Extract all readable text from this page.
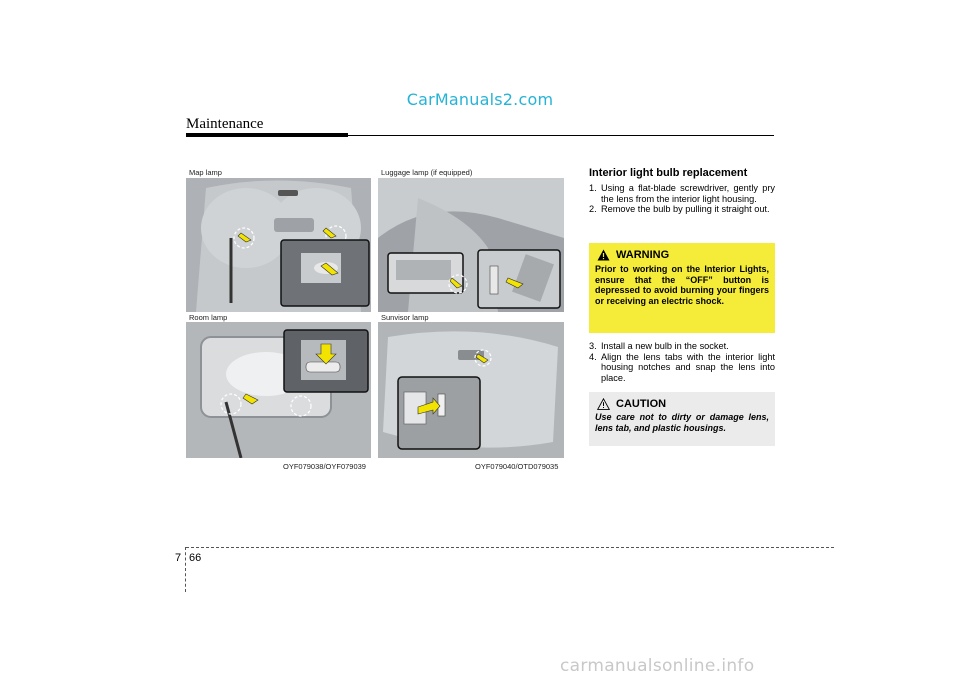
CarManuals2.com
Maintenance
Map lamp	Luggage lamp (if equipped)
Room lamp	Sunvisor lamp
OYF079038/OYF079039	OYF079040/OTD079035
Interior light bulb replacement

1. Using a flat-blade screwdriver, gently pry the lens from the interior light housing.

2. Remove the bulb by pulling it straight out.

WARNING
Prior to working on the Interior Lights, ensure that the “OFF” button is depressed to avoid burning your fingers or receiving an electric shock.

3. Install a new bulb in the socket.

4. Align the lens tabs with the interior light housing notches and snap the lens into place.

CAUTION
Use care not to dirty or damage lens, lens tab, and plastic housings.
7 66
carmanualsonline.info
